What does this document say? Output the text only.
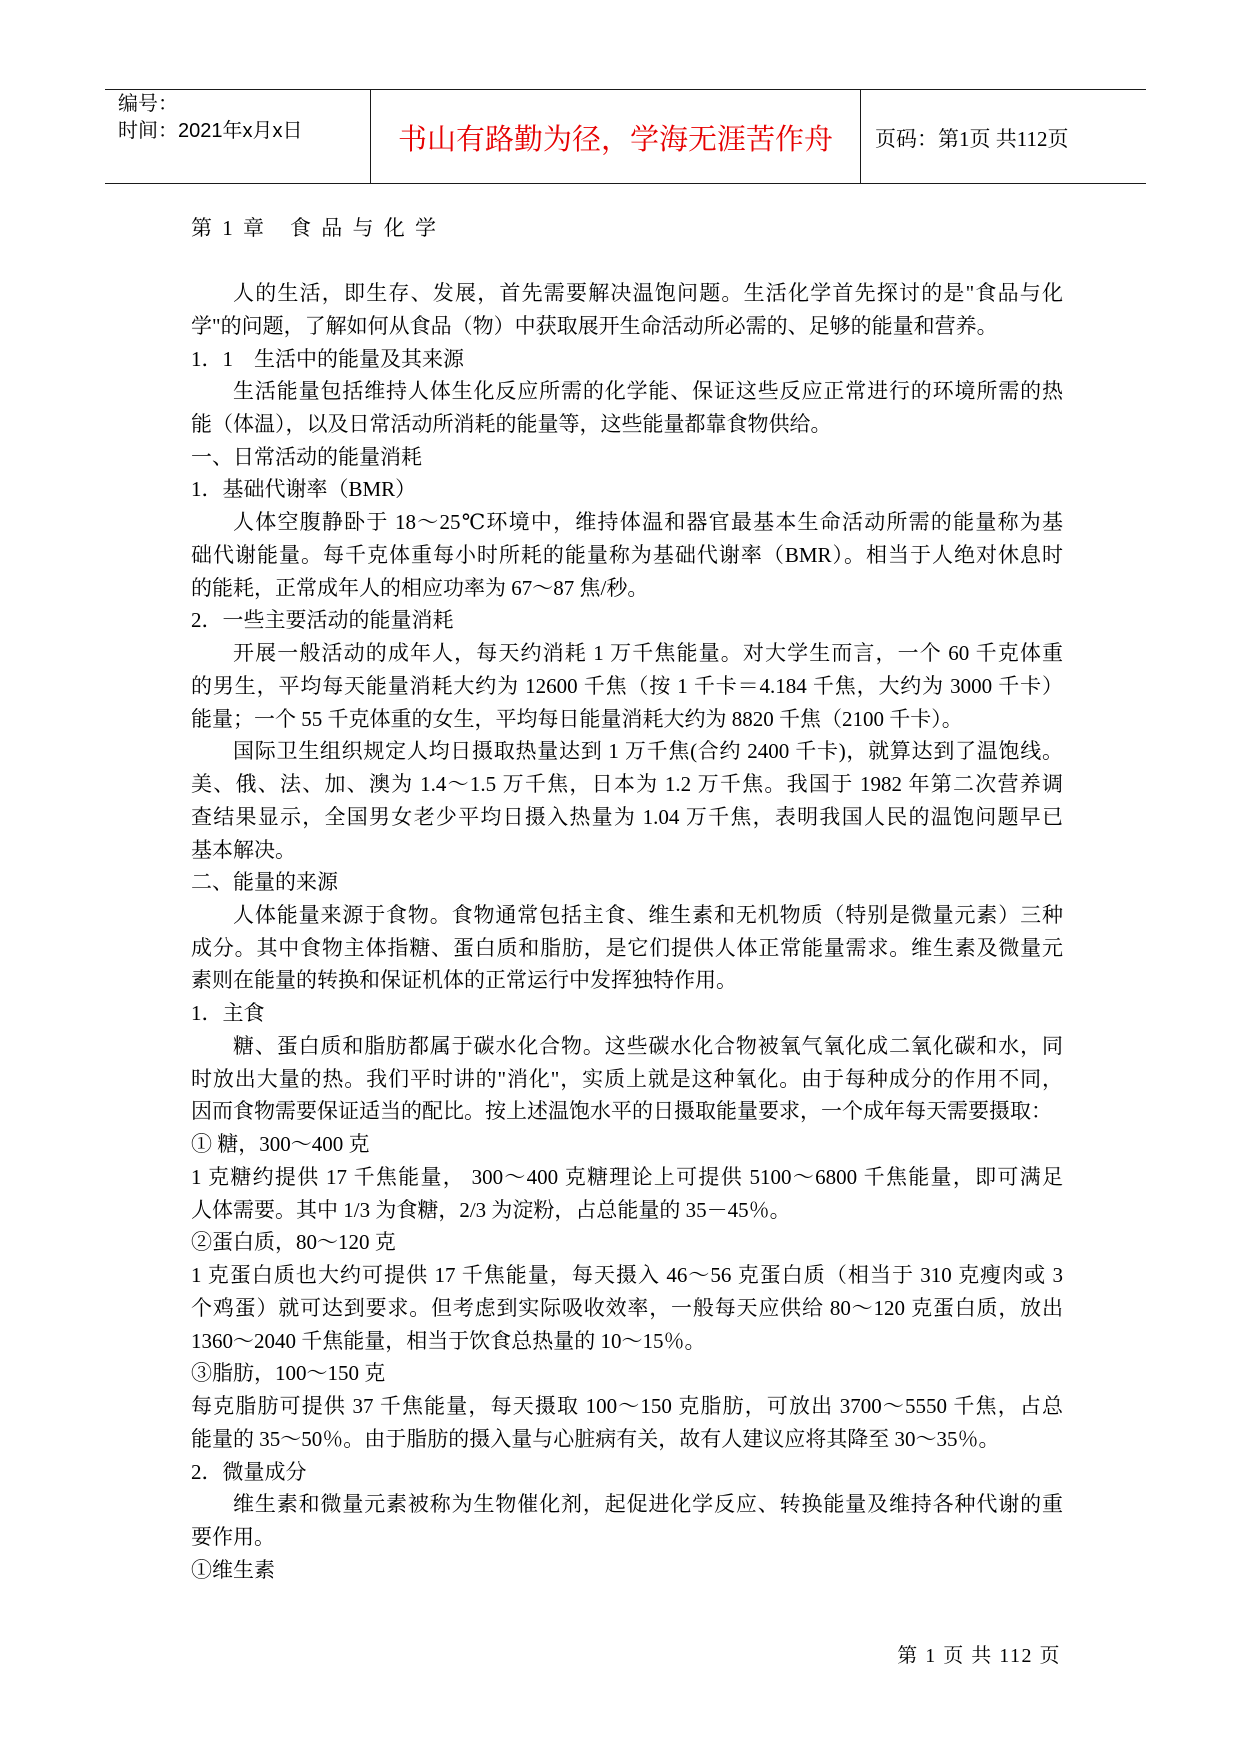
编号：
时间：2021年x月x日	书山有路勤为径，学海无涯苦作舟 页码：第1页 共112页
第 1 章　食 品 与 化 学
人的生活，即生存、发展，首先需要解决温饱问题。生活化学首先探讨的是"食品与化
学"的问题，了解如何从食品（物）中获取展开生命活动所必需的、足够的能量和营养。
1．1　生活中的能量及其来源
生活能量包括维持人体生化反应所需的化学能、保证这些反应正常进行的环境所需的热
能（体温），以及日常活动所消耗的能量等，这些能量都靠食物供给。
一、日常活动的能量消耗
1．基础代谢率（BMR）
人体空腹静卧于 18～25℃环境中，维持体温和器官最基本生命活动所需的能量称为基
础代谢能量。每千克体重每小时所耗的能量称为基础代谢率（BMR）。相当于人绝对休息时
的能耗，正常成年人的相应功率为 67～87 焦/秒。
2．一些主要活动的能量消耗
开展一般活动的成年人，每天约消耗 1 万千焦能量。对大学生而言，一个 60 千克体重
的男生，平均每天能量消耗大约为 12600 千焦（按 1 千卡＝4.184 千焦，大约为 3000 千卡）
能量；一个 55 千克体重的女生，平均每日能量消耗大约为 8820 千焦（2100 千卡）。
国际卫生组织规定人均日摄取热量达到 1 万千焦(合约 2400 千卡)，就算达到了温饱线。
美、俄、法、加、澳为 1.4～1.5 万千焦，日本为 1.2 万千焦。我国于 1982 年第二次营养调
查结果显示，全国男女老少平均日摄入热量为 1.04 万千焦，表明我国人民的温饱问题早已
基本解决。
二、能量的来源
人体能量来源于食物。食物通常包括主食、维生素和无机物质（特别是微量元素）三种
成分。其中食物主体指糖、蛋白质和脂肪，是它们提供人体正常能量需求。维生素及微量元
素则在能量的转换和保证机体的正常运行中发挥独特作用。
1．主食
糖、蛋白质和脂肪都属于碳水化合物。这些碳水化合物被氧气氧化成二氧化碳和水，同
时放出大量的热。我们平时讲的"消化"，实质上就是这种氧化。由于每种成分的作用不同，
因而食物需要保证适当的配比。按上述温饱水平的日摄取能量要求，一个成年每天需要摄取：
① 糖，300～400 克
1 克糖约提供 17 千焦能量， 300～400 克糖理论上可提供 5100～6800 千焦能量，即可满足
人体需要。其中 1/3 为食糖，2/3 为淀粉，占总能量的 35－45％。
②蛋白质，80～120 克
1 克蛋白质也大约可提供 17 千焦能量，每天摄入 46～56 克蛋白质（相当于 310 克瘦肉或 3
个鸡蛋）就可达到要求。但考虑到实际吸收效率，一般每天应供给 80～120 克蛋白质，放出
1360～2040 千焦能量，相当于饮食总热量的 10～15％。
③脂肪，100～150 克
每克脂肪可提供 37 千焦能量，每天摄取 100～150 克脂肪，可放出 3700～5550 千焦，占总
能量的 35～50％。由于脂肪的摄入量与心脏病有关，故有人建议应将其降至 30～35％。
2．微量成分
维生素和微量元素被称为生物催化剂，起促进化学反应、转换能量及维持各种代谢的重
要作用。
①维生素
第 1 页 共 112 页
